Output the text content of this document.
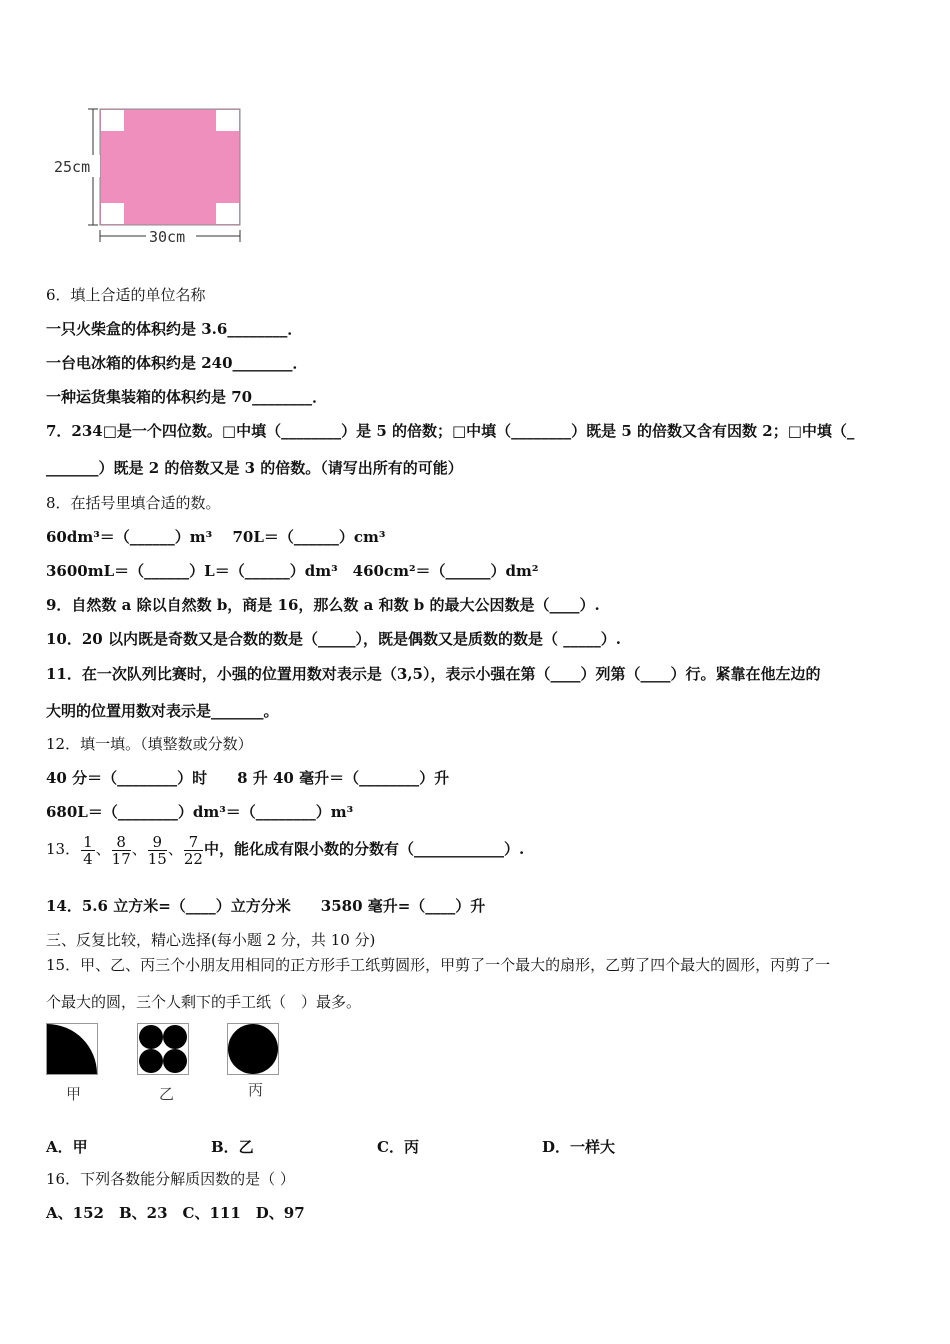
25cm
30cm
6．填上合适的单位名称
一只火柴盒的体积约是 3.6________．
一台电冰箱的体积约是 240________．
一种运货集装箱的体积约是 70________．
7．234□是一个四位数。□中填（________）是 5 的倍数；□中填（________）既是 5 的倍数又含有因数 2；□中填（_
_______）既是 2 的倍数又是 3 的倍数。（请写出所有的可能）
8．在括号里填合适的数。
60dm³＝（______）m³　 70L＝（______）cm³
3600mL＝（______）L＝（______）dm³　460cm²＝（______）dm²
9．自然数 a 除以自然数 b，商是 16，那么数 a 和数 b 的最大公因数是（____）.
10．20 以内既是奇数又是合数的数是（_____），既是偶数又是质数的数是（ _____）.
11．在一次队列比赛时，小强的位置用数对表示是（3,5），表示小强在第（____）列第（____）行。紧靠在他左边的
大明的位置用数对表示是_______。
12．填一填。（填整数或分数）
40 分＝（________）时　　8 升 40 毫升＝（________）升
680L＝（________）dm³＝（________）m³
13． $\frac{1}{4}$ 、 $\frac{8}{17}$ 、 $\frac{9}{15}$ 、 $\frac{7}{22}$ 中，能化成有限小数的分数有（____________）.
14．5.6 立方米=（____）立方分米　　3580 毫升=（____）升
三、反复比较，精心选择(每小题 2 分，共 10 分)
15．甲、乙、丙三个小朋友用相同的正方形手工纸剪圆形，甲剪了一个最大的扇形，乙剪了四个最大的圆形，丙剪了一
个最大的圆，三个人剩下的手工纸（　）最多。
甲	乙	丙
A．甲	B．乙	C．丙	D．一样大
16．下列各数能分解质因数的是（ ）
A、152　B、23　C、111　D、97
